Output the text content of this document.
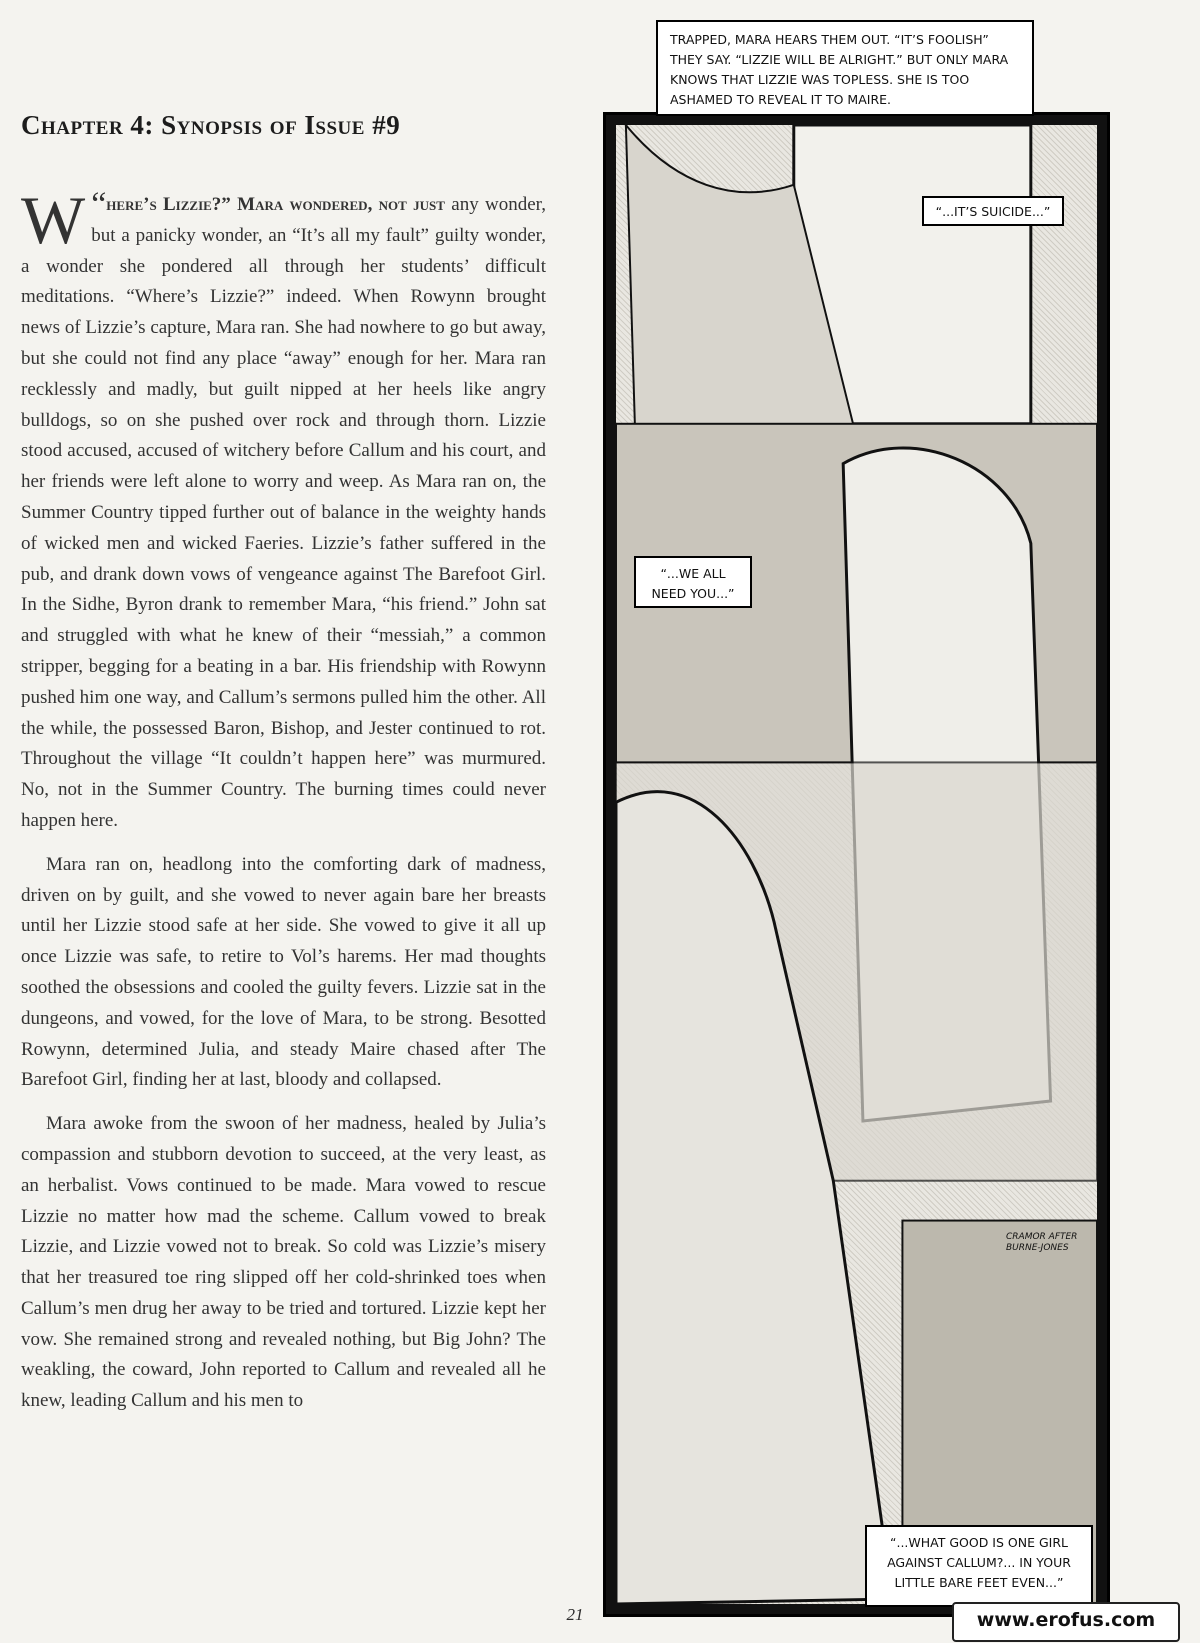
Chapter 4: Synopsis of Issue #9

“
W here’s Lizzie?” Mara wondered, not just any wonder, but a panicky wonder, an “It’s all my fault” guilty wonder, a wonder she pondered all through her students’ difficult meditations. “Where’s Lizzie?” indeed. When Rowynn brought news of Lizzie’s capture, Mara ran. She had nowhere to go but away, but she could not find any place “away” enough for her. Mara ran recklessly and madly, but guilt nipped at her heels like angry bulldogs, so on she pushed over rock and through thorn. Lizzie stood accused, accused of witchery before Callum and his court, and her friends were left alone to worry and weep. As Mara ran on, the Summer Country tipped further out of balance in the weighty hands of wicked men and wicked Faeries. Lizzie’s father suffered in the pub, and drank down vows of vengeance against The Barefoot Girl. In the Sidhe, Byron drank to remember Mara, “his friend.” John sat and struggled with what he knew of their “messiah,” a common stripper, begging for a beating in a bar. His friendship with Rowynn pushed him one way, and Callum’s sermons pulled him the other. All the while, the possessed Baron, Bishop, and Jester continued to rot. Throughout the village “It couldn’t happen here” was murmured. No, not in the Summer Country. The burning times could never happen here.

Mara ran on, headlong into the comforting dark of madness, driven on by guilt, and she vowed to never again bare her breasts until her Lizzie stood safe at her side. She vowed to give it all up once Lizzie was safe, to retire to Vol’s harems. Her mad thoughts soothed the obsessions and cooled the guilty fevers. Lizzie sat in the dungeons, and vowed, for the love of Mara, to be strong. Besotted Rowynn, determined Julia, and steady Maire chased after The Barefoot Girl, finding her at last, bloody and collapsed.

Mara awoke from the swoon of her madness, healed by Julia’s compassion and stubborn devotion to succeed, at the very least, as an herbalist. Vows continued to be made. Mara vowed to rescue Lizzie no matter how mad the scheme. Callum vowed to break Lizzie, and Lizzie vowed not to break. So cold was Lizzie’s misery that her treasured toe ring slipped off her cold-shrinked toes when Callum’s men drug her away to be tried and tortured. Lizzie kept her vow. She remained strong and revealed nothing, but Big John? The weakling, the coward, John reported to Callum and revealed all he knew, leading Callum and his men to

TRAPPED, MARA HEARS THEM OUT. “IT’S FOOLISH” THEY SAY. “LIZZIE WILL BE ALRIGHT.” BUT ONLY MARA KNOWS THAT LIZZIE WAS TOPLESS. SHE IS TOO ASHAMED TO REVEAL IT TO MAIRE.
“...IT’S SUICIDE...”
“...WE ALL NEED YOU...”
“...WHAT GOOD IS ONE GIRL AGAINST CALLUM?... IN YOUR LITTLE BARE FEET EVEN...”
CRAMOR AFTER BURNE-JONES
21	www.erofus.com
